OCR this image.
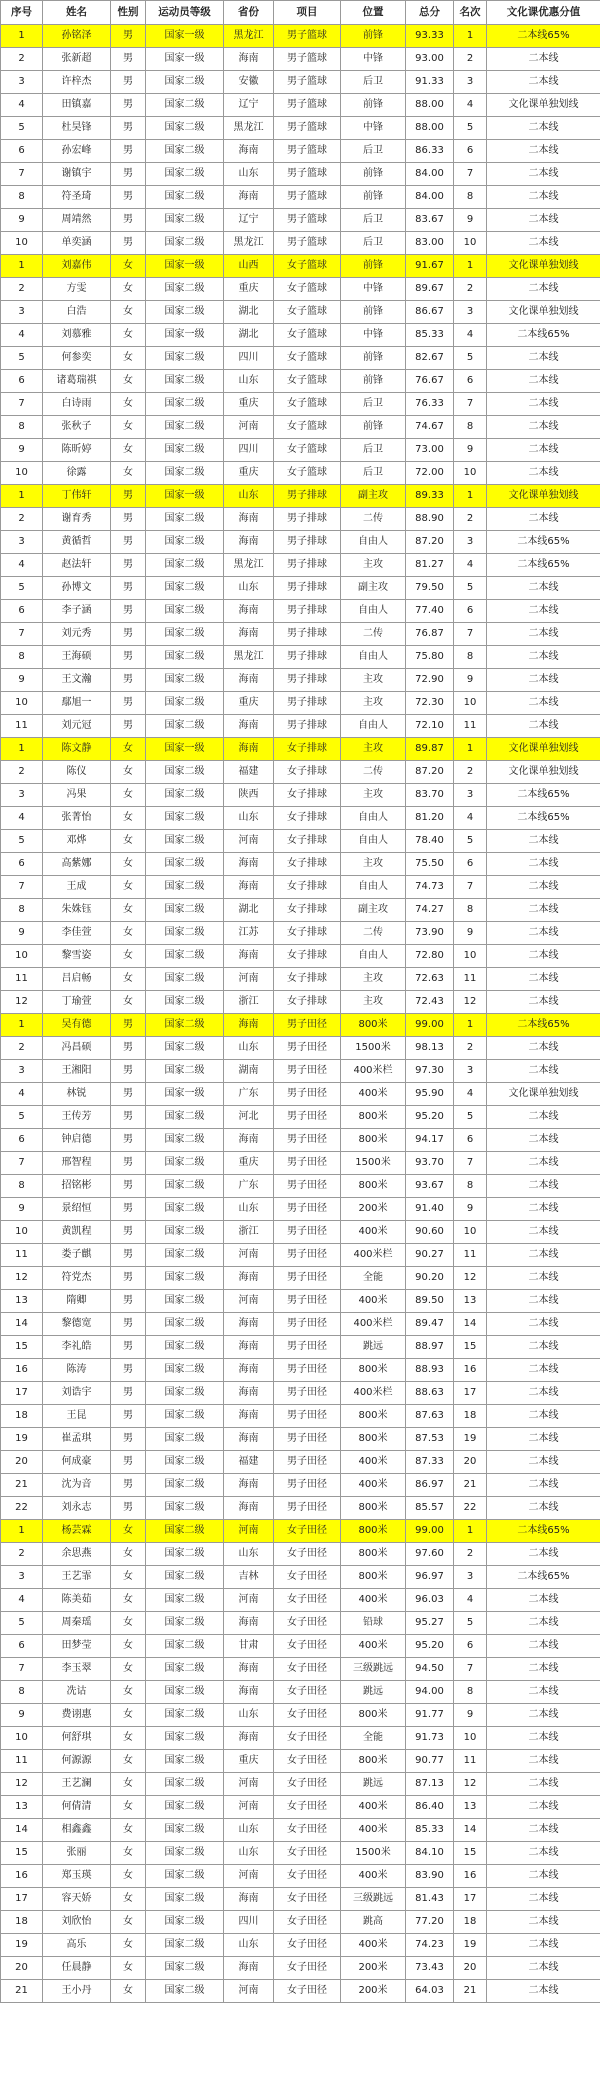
序号	姓名	性别	运动员等级	省份	项目	位置	总分	名次	文化课优惠分值
1	孙铭泽	男	国家一级	黑龙江	男子篮球	前锋	93.33	1	二本线65%
2	张新超	男	国家一级	海南	男子篮球	中锋	93.00	2	二本线
3	许梓杰	男	国家二级	安徽	男子篮球	后卫	91.33	3	二本线
4	田镇嘉	男	国家二级	辽宁	男子篮球	前锋	88.00	4	文化课单独划线
5	杜昊锋	男	国家二级	黑龙江	男子篮球	中锋	88.00	5	二本线
6	孙宏峰	男	国家二级	海南	男子篮球	后卫	86.33	6	二本线
7	谢镇宇	男	国家二级	山东	男子篮球	前锋	84.00	7	二本线
8	符圣琦	男	国家二级	海南	男子篮球	前锋	84.00	8	二本线
9	周靖然	男	国家二级	辽宁	男子篮球	后卫	83.67	9	二本线
10	单奕涵	男	国家二级	黑龙江	男子篮球	后卫	83.00	10	二本线
1	刘嘉伟	女	国家一级	山西	女子篮球	前锋	91.67	1	文化课单独划线
2	方雯	女	国家二级	重庆	女子篮球	中锋	89.67	2	二本线
3	白浩	女	国家二级	湖北	女子篮球	前锋	86.67	3	文化课单独划线
4	刘慕雅	女	国家一级	湖北	女子篮球	中锋	85.33	4	二本线65%
5	何参奕	女	国家二级	四川	女子篮球	前锋	82.67	5	二本线
6	诸葛瑞祺	女	国家二级	山东	女子篮球	前锋	76.67	6	二本线
7	白诗雨	女	国家二级	重庆	女子篮球	后卫	76.33	7	二本线
8	张秋子	女	国家二级	河南	女子篮球	前锋	74.67	8	二本线
9	陈昕婷	女	国家二级	四川	女子篮球	后卫	73.00	9	二本线
10	徐露	女	国家二级	重庆	女子篮球	后卫	72.00	10	二本线
1	丁伟轩	男	国家一级	山东	男子排球	副主攻	89.33	1	文化课单独划线
2	谢育秀	男	国家二级	海南	男子排球	二传	88.90	2	二本线
3	黄循哲	男	国家二级	海南	男子排球	自由人	87.20	3	二本线65%
4	赵法轩	男	国家二级	黑龙江	男子排球	主攻	81.27	4	二本线65%
5	孙博文	男	国家二级	山东	男子排球	副主攻	79.50	5	二本线
6	李子涵	男	国家二级	海南	男子排球	自由人	77.40	6	二本线
7	刘元秀	男	国家二级	海南	男子排球	二传	76.87	7	二本线
8	王海硕	男	国家二级	黑龙江	男子排球	自由人	75.80	8	二本线
9	王文瀚	男	国家二级	海南	男子排球	主攻	72.90	9	二本线
10	鄢旭一	男	国家二级	重庆	男子排球	主攻	72.30	10	二本线
11	刘元冠	男	国家二级	海南	男子排球	自由人	72.10	11	二本线
1	陈文静	女	国家一级	海南	女子排球	主攻	89.87	1	文化课单独划线
2	陈仪	女	国家二级	福建	女子排球	二传	87.20	2	文化课单独划线
3	冯果	女	国家二级	陕西	女子排球	主攻	83.70	3	二本线65%
4	张菁怡	女	国家二级	山东	女子排球	自由人	81.20	4	二本线65%
5	邓烨	女	国家二级	河南	女子排球	自由人	78.40	5	二本线
6	高紫娜	女	国家二级	海南	女子排球	主攻	75.50	6	二本线
7	王成	女	国家二级	海南	女子排球	自由人	74.73	7	二本线
8	朱姝钰	女	国家二级	湖北	女子排球	副主攻	74.27	8	二本线
9	李佳萱	女	国家二级	江苏	女子排球	二传	73.90	9	二本线
10	黎雪姿	女	国家二级	海南	女子排球	自由人	72.80	10	二本线
11	吕启畅	女	国家二级	河南	女子排球	主攻	72.63	11	二本线
12	丁瑜萱	女	国家二级	浙江	女子排球	主攻	72.43	12	二本线
1	吴有德	男	国家二级	海南	男子田径	800米	99.00	1	二本线65%
2	冯昌硕	男	国家二级	山东	男子田径	1500米	98.13	2	二本线
3	王湘阳	男	国家二级	湖南	男子田径	400米栏	97.30	3	二本线
4	林锐	男	国家一级	广东	男子田径	400米	95.90	4	文化课单独划线
5	王传芳	男	国家二级	河北	男子田径	800米	95.20	5	二本线
6	钟启德	男	国家二级	海南	男子田径	800米	94.17	6	二本线
7	邢智程	男	国家二级	重庆	男子田径	1500米	93.70	7	二本线
8	招铭彬	男	国家二级	广东	男子田径	800米	93.67	8	二本线
9	景绍恒	男	国家二级	山东	男子田径	200米	91.40	9	二本线
10	黄凯程	男	国家二级	浙江	男子田径	400米	90.60	10	二本线
11	娄子麒	男	国家二级	河南	男子田径	400米栏	90.27	11	二本线
12	符党杰	男	国家二级	海南	男子田径	全能	90.20	12	二本线
13	隋卿	男	国家二级	河南	男子田径	400米	89.50	13	二本线
14	黎德宽	男	国家二级	海南	男子田径	400米栏	89.47	14	二本线
15	李礼皓	男	国家二级	海南	男子田径	跳远	88.97	15	二本线
16	陈涛	男	国家二级	海南	男子田径	800米	88.93	16	二本线
17	刘诰宇	男	国家二级	海南	男子田径	400米栏	88.63	17	二本线
18	王昆	男	国家二级	海南	男子田径	800米	87.63	18	二本线
19	崔孟琪	男	国家二级	海南	男子田径	800米	87.53	19	二本线
20	何成豪	男	国家二级	福建	男子田径	400米	87.33	20	二本线
21	沈为音	男	国家二级	海南	男子田径	400米	86.97	21	二本线
22	刘永志	男	国家二级	海南	男子田径	800米	85.57	22	二本线
1	杨芸霖	女	国家二级	河南	女子田径	800米	99.00	1	二本线65%
2	余思燕	女	国家二级	山东	女子田径	800米	97.60	2	二本线
3	王艺霏	女	国家二级	吉林	女子田径	800米	96.97	3	二本线65%
4	陈美茹	女	国家二级	河南	女子田径	400米	96.03	4	二本线
5	周秦瑶	女	国家二级	海南	女子田径	铅球	95.27	5	二本线
6	田梦莹	女	国家二级	甘肃	女子田径	400米	95.20	6	二本线
7	李玉翠	女	国家二级	海南	女子田径	三级跳远	94.50	7	二本线
8	冼诂	女	国家二级	海南	女子田径	跳远	94.00	8	二本线
9	费诩惠	女	国家二级	山东	女子田径	800米	91.77	9	二本线
10	何舒琪	女	国家二级	海南	女子田径	全能	91.73	10	二本线
11	何源源	女	国家二级	重庆	女子田径	800米	90.77	11	二本线
12	王艺澜	女	国家二级	河南	女子田径	跳远	87.13	12	二本线
13	何倩清	女	国家二级	河南	女子田径	400米	86.40	13	二本线
14	相鑫鑫	女	国家二级	山东	女子田径	400米	85.33	14	二本线
15	张丽	女	国家二级	山东	女子田径	1500米	84.10	15	二本线
16	郑玉瑛	女	国家二级	河南	女子田径	400米	83.90	16	二本线
17	容天娇	女	国家二级	海南	女子田径	三级跳远	81.43	17	二本线
18	刘欣怡	女	国家二级	四川	女子田径	跳高	77.20	18	二本线
19	高乐	女	国家二级	山东	女子田径	400米	74.23	19	二本线
20	任晨静	女	国家二级	海南	女子田径	200米	73.43	20	二本线
21	王小丹	女	国家二级	河南	女子田径	200米	64.03	21	二本线
